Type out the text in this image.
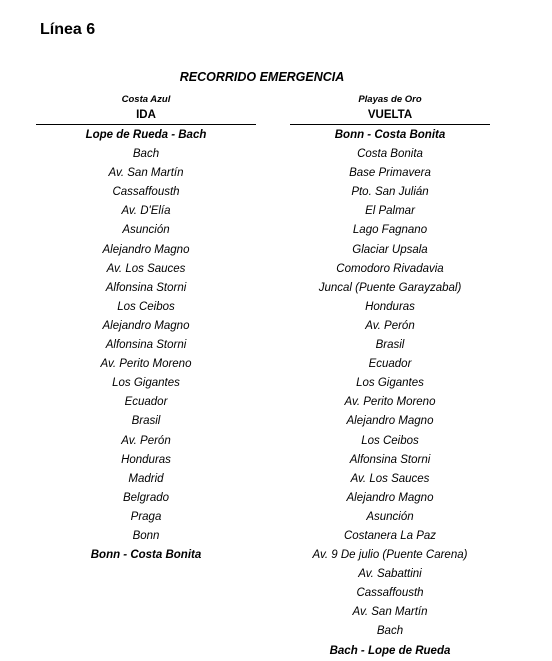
Línea 6
RECORRIDO EMERGENCIA
Costa Azul
IDA
Lope de Rueda - Bach
Bach
Av. San Martín
Cassaffousth
Av. D'Elía
Asunción
Alejandro Magno
Av. Los Sauces
Alfonsina Storni
Los Ceibos
Alejandro Magno
Alfonsina Storni
Av. Perito Moreno
Los Gigantes
Ecuador
Brasil
Av. Perón
Honduras
Madrid
Belgrado
Praga
Bonn
Bonn - Costa Bonita
Playas de Oro
VUELTA
Bonn - Costa Bonita
Costa Bonita
Base Primavera
Pto. San Julián
El Palmar
Lago Fagnano
Glaciar Upsala
Comodoro Rivadavia
Juncal (Puente Garayzabal)
Honduras
Av. Perón
Brasil
Ecuador
Los Gigantes
Av. Perito Moreno
Alejandro Magno
Los Ceibos
Alfonsina Storni
Av. Los Sauces
Alejandro Magno
Asunción
Costanera La Paz
Av. 9 De julio (Puente Carena)
Av. Sabattini
Cassaffousth
Av. San Martín
Bach
Bach - Lope de Rueda
